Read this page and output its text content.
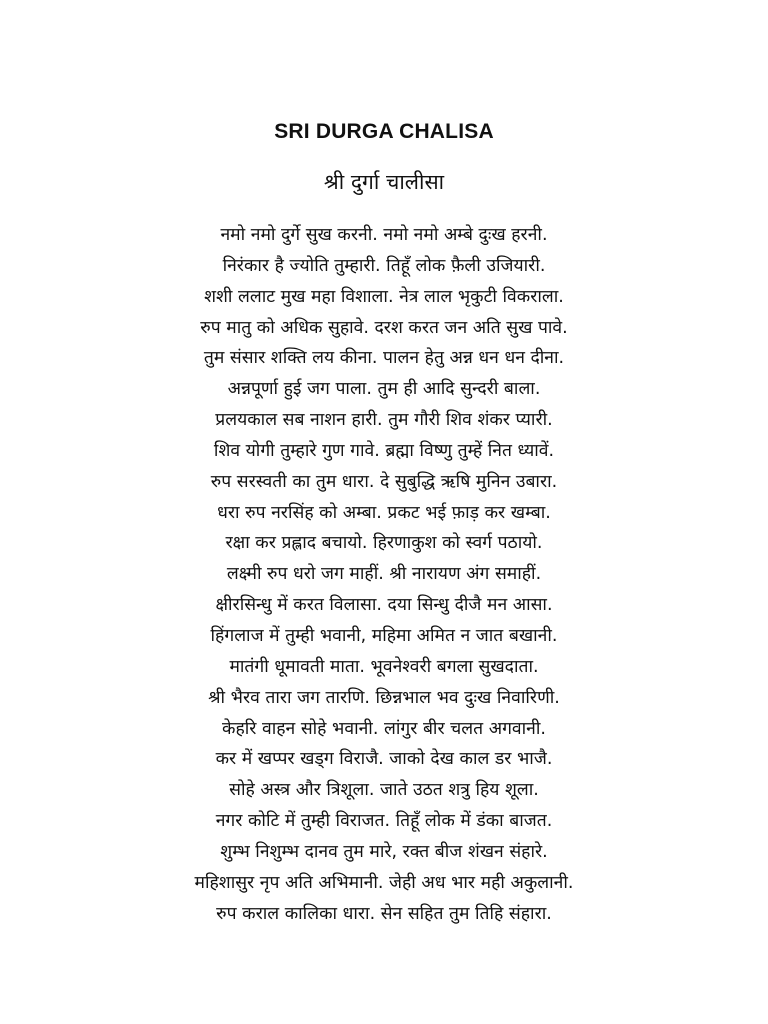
SRI DURGA CHALISA
श्री दुर्गा चालीसा
नमो नमो दुर्गे सुख करनी. नमो नमो अम्बे दुःख हरनी.
निरंकार है ज्योति तुम्हारी. तिहूँ लोक फ़ैली उजियारी.
शशी ललाट मुख महा विशाला. नेत्र लाल भृकुटी विकराला.
रुप मातु को अधिक सुहावे. दरश करत जन अति सुख पावे.
तुम संसार शक्ति लय कीना. पालन हेतु अन्न धन धन दीना.
अन्नपूर्णा हुई जग पाला. तुम ही आदि सुन्दरी बाला.
प्रलयकाल सब नाशन हारी. तुम गौरी शिव शंकर प्यारी.
शिव योगी तुम्हारे गुण गावे. ब्रह्मा विष्णु तुम्हें नित ध्यावें.
रुप सरस्वती का तुम धारा. दे सुबुद्धि ऋषि मुनिन उबारा.
धरा रुप नरसिंह को अम्बा. प्रकट भई फ़ाड़ कर खम्बा.
रक्षा कर प्रह्लाद बचायो. हिरणाकुश को स्वर्ग पठायो.
लक्ष्मी रुप धरो जग माहीं. श्री नारायण अंग समाहीं.
क्षीरसिन्धु में करत विलासा. दया सिन्धु दीजै मन आसा.
हिंगलाज में तुम्ही भवानी, महिमा अमित न जात बखानी.
मातंगी धूमावती माता. भूवनेश्वरी बगला सुखदाता.
श्री भैरव तारा जग तारणि. छिन्नभाल भव दुःख निवारिणी.
केहरि वाहन सोहे भवानी. लांगुर बीर चलत अगवानी.
कर में खप्पर खड्ग विराजै. जाको देख काल डर भाजै.
सोहे अस्त्र और त्रिशूला. जाते उठत शत्रु हिय शूला.
नगर कोटि में तुम्ही विराजत. तिहूँ लोक में डंका बाजत.
शुम्भ निशुम्भ दानव तुम मारे, रक्त बीज शंखन संहारे.
महिशासुर नृप अति अभिमानी. जेही अध भार मही अकुलानी.
रुप कराल कालिका धारा. सेन सहित तुम तिहि संहारा.
